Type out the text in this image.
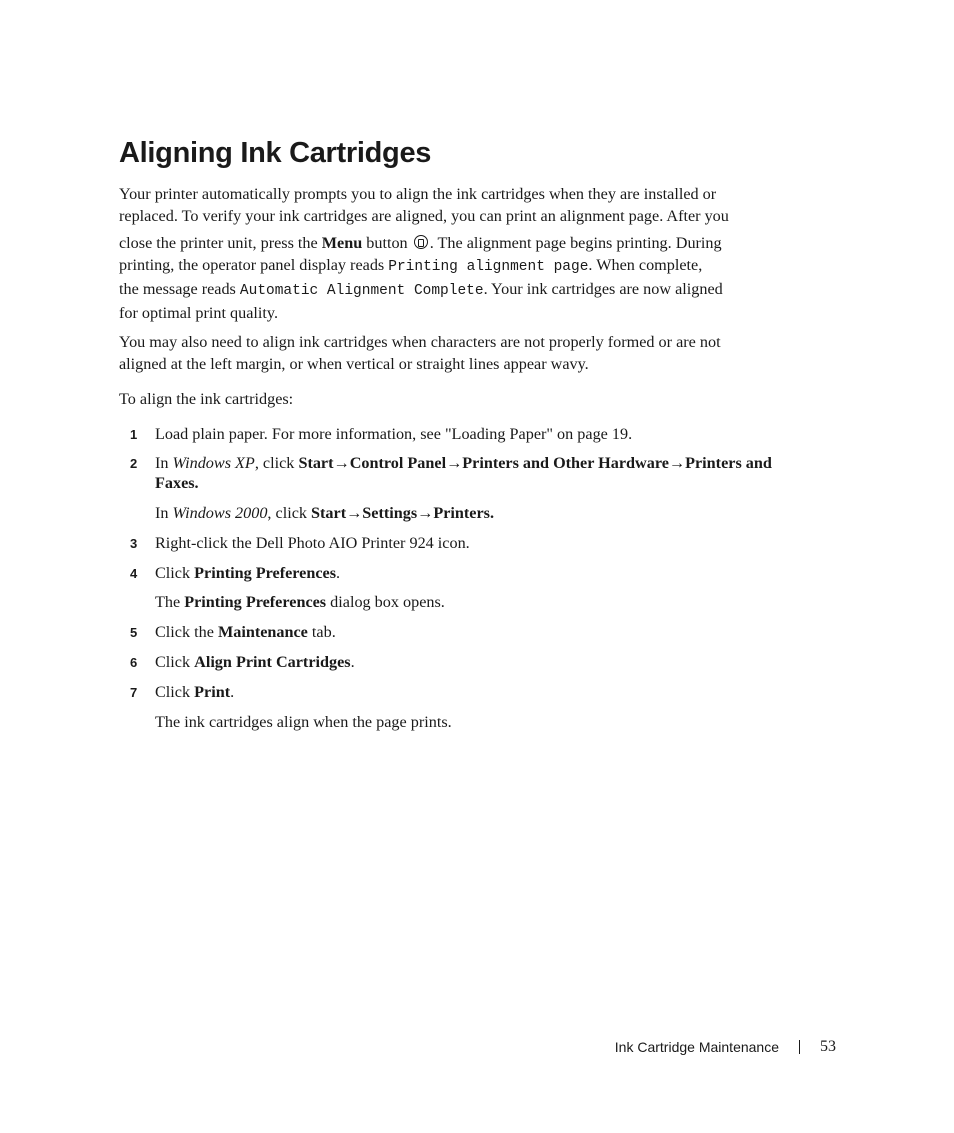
Aligning Ink Cartridges

Your printer automatically prompts you to align the ink cartridges when they are installed or
replaced. To verify your ink cartridges are aligned, you can print an alignment page. After you
close the printer unit, press the Menu button . The alignment page begins printing. During
printing, the operator panel display reads Printing alignment page. When complete,
the message reads Automatic Alignment Complete. Your ink cartridges are now aligned
for optimal print quality.

You may also need to align ink cartridges when characters are not properly formed or are not
aligned at the left margin, or when vertical or straight lines appear wavy.

To align the ink cartridges:

1 Load plain paper. For more information, see "Loading Paper" on page 19.
2 In Windows XP, click Start→Control Panel→Printers and Other Hardware→Printers and
Faxes.
In Windows 2000, click Start→Settings→Printers.
3 Right-click the Dell Photo AIO Printer 924 icon.
4 Click Printing Preferences.
The Printing Preferences dialog box opens.
5 Click the Maintenance tab.
6 Click Align Print Cartridges.
7 Click Print.
The ink cartridges align when the page prints.
Ink Cartridge Maintenance	53
